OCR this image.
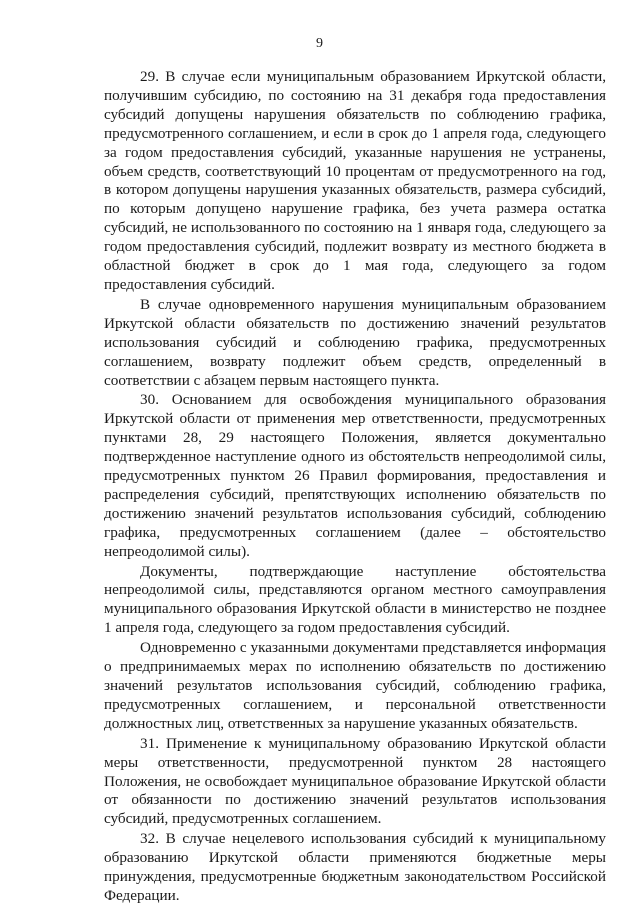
9

29. В случае если муниципальным образованием Иркутской области, получившим субсидию, по состоянию на 31 декабря года предоставления субсидий допущены нарушения обязательств по соблюдению графика, предусмотренного соглашением, и если в срок до 1 апреля года, следующего за годом предоставления субсидий, указанные нарушения не устранены, объем средств, соответствующий 10 процентам от предусмотренного на год, в котором допущены нарушения указанных обязательств, размера субсидий, по которым допущено нарушение графика, без учета размера остатка субсидий, не использованного по состоянию на 1 января года, следующего за годом предоставления субсидий, подлежит возврату из местного бюджета в областной бюджет в срок до 1 мая года, следующего за годом предоставления субсидий.

В случае одновременного нарушения муниципальным образованием Иркутской области обязательств по достижению значений результатов использования субсидий и соблюдению графика, предусмотренных соглашением, возврату подлежит объем средств, определенный в соответствии с абзацем первым настоящего пункта.

30. Основанием для освобождения муниципального образования Иркутской области от применения мер ответственности, предусмотренных пунктами 28, 29 настоящего Положения, является документально подтвержденное наступление одного из обстоятельств непреодолимой силы, предусмотренных пунктом 26 Правил формирования, предоставления и распределения субсидий, препятствующих исполнению обязательств по достижению значений результатов использования субсидий, соблюдению графика, предусмотренных соглашением (далее – обстоятельство непреодолимой силы).

Документы, подтверждающие наступление обстоятельства непреодолимой силы, представляются органом местного самоуправления муниципального образования Иркутской области в министерство не позднее 1 апреля года, следующего за годом предоставления субсидий.

Одновременно с указанными документами представляется информация о предпринимаемых мерах по исполнению обязательств по достижению значений результатов использования субсидий, соблюдению графика, предусмотренных соглашением, и персональной ответственности должностных лиц, ответственных за нарушение указанных обязательств.

31. Применение к муниципальному образованию Иркутской области меры ответственности, предусмотренной пунктом 28 настоящего Положения, не освобождает муниципальное образование Иркутской области от обязанности по достижению значений результатов использования субсидий, предусмотренных соглашением.

32. В случае нецелевого использования субсидий к муниципальному образованию Иркутской области применяются бюджетные меры принуждения, предусмотренные бюджетным законодательством Российской Федерации.
